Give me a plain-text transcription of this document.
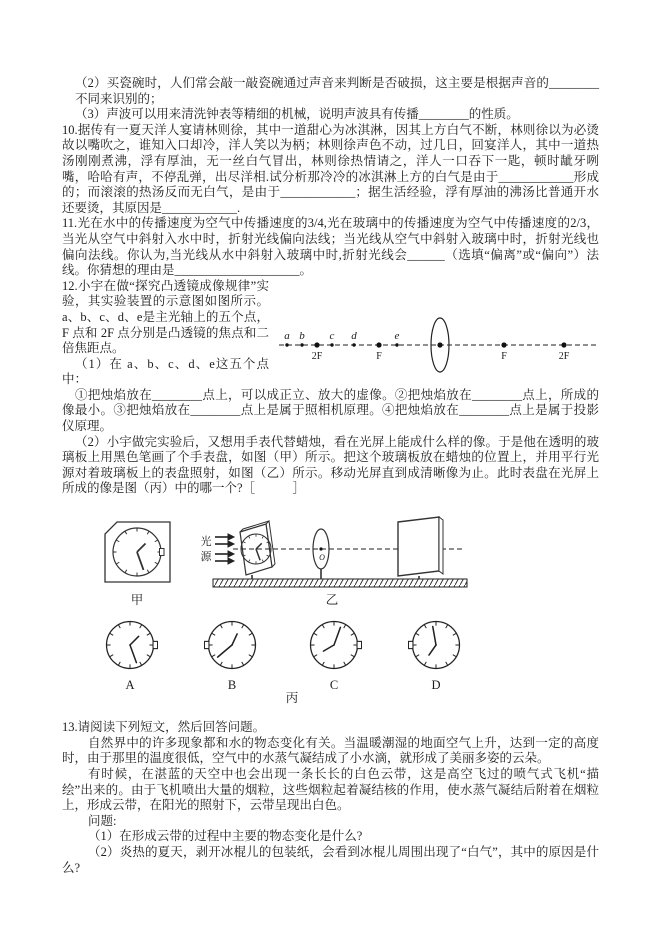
（2）买瓷碗时，人们常会敲一敲瓷碗通过声音来判断是否破损，这主要是根据声音的________不同来识别的；

（3）声波可以用来清洗钟表等精细的机械，说明声波具有传播________的性质。

10.据传有一夏天洋人宴请林则徐，其中一道甜心为冰淇淋，因其上方白气不断，林则徐以为必烫故以嘴吹之，谁知入口却冷，洋人笑以为柄；林则徐声色不动，过几日，回宴洋人，其中一道热汤刚刚煮沸，浮有厚油，无一丝白气冒出，林则徐热情请之，洋人一口吞下一匙，顿时龇牙咧嘴，哈哈有声，不停乱弹，出尽洋相.试分析那冷冷的冰淇淋上方的白气是由于____________形成的；而滚滚的热汤反而无白气，是由于____________；据生活经验，浮有厚油的沸汤比普通开水还要烫，其原因是____________.

11.光在水中的传播速度为空气中传播速度的3/4,光在玻璃中的传播速度为空气中传播速度的2/3，当光从空气中斜射入水中时，折射光线偏向法线；当光线从空气中斜射入玻璃中时，折射光线也偏向法线。你认为,当光线从水中斜射入玻璃中时,折射光线会______（选填“偏离”或“偏向”）法线。你猜想的理由是____________________。

a b c d	e
2F	F	F	2F

12.小宇在做“探究凸透镜成像规律”实验，其实验装置的示意图如图所示。a、b、c、d、e是主光轴上的五个点，F 点和 2F 点分别是凸透镜的焦点和二倍焦距点。

（1）在 a、b、c、d、e这五个点中：

①把烛焰放在________点上，可以成正立、放大的虚像。②把烛焰放在________点上，所成的像最小。③把烛焰放在________点上是属于照相机原理。④把烛焰放在________点上是属于投影仪原理。

（2）小宇做完实验后，又想用手表代替蜡烛，看在光屏上能成什么样的像。于是他在透明的玻璃板上用黑色笔画了个手表盘，如图（甲）所示。把这个玻璃板放在蜡烛的位置上，并用平行光源对着玻璃板上的表盘照射，如图（乙）所示。移动光屏直到成清晰像为止。此时表盘在光屏上所成的像是图（丙）中的哪一个?［　　　］

O
光
源
甲	乙
A	B	C	D
丙

13.请阅读下列短文，然后回答问题。

自然界中的许多现象都和水的物态变化有关。当温暖潮湿的地面空气上升，达到一定的高度时，由于那里的温度很低，空气中的水蒸气凝结成了小水滴，就形成了美丽多姿的云朵。

有时候，在湛蓝的天空中也会出现一条长长的白色云带，这是高空飞过的喷气式飞机“描绘”出来的。由于飞机喷出大量的烟粒，这些烟粒起着凝结核的作用，使水蒸气凝结后附着在烟粒上，形成云带，在阳光的照射下，云带呈现出白色。

问题:

（1）在形成云带的过程中主要的物态变化是什么?

（2）炎热的夏天，剥开冰棍儿的包装纸，会看到冰棍儿周围出现了“白气”，其中的原因是什么?
